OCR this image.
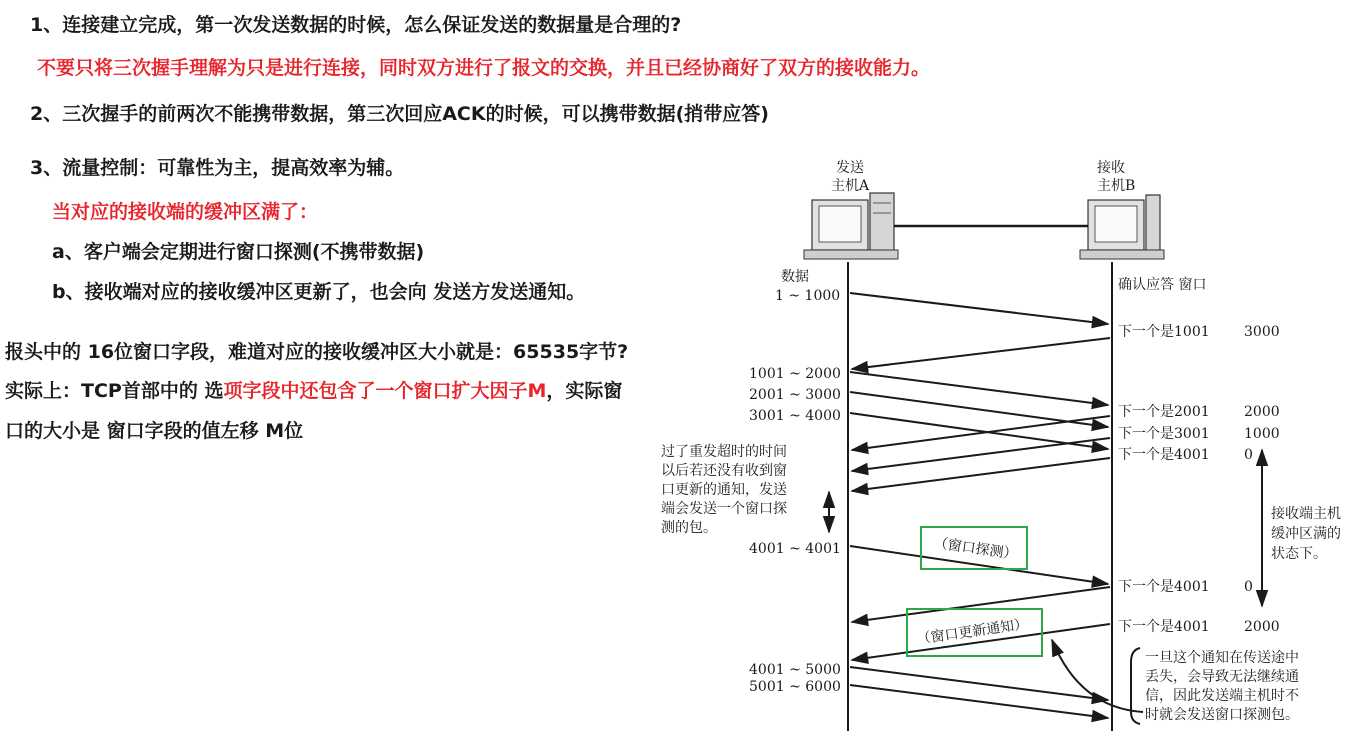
1、连接建立完成，第一次发送数据的时候，怎么保证发送的数据量是合理的?
不要只将三次握手理解为只是进行连接，同时双方进行了报文的交换，并且已经协商好了双方的接收能力。
2、三次握手的前两次不能携带数据，第三次回应ACK的时候，可以携带数据(捎带应答)
3、流量控制：可靠性为主，提高效率为辅。
当对应的接收端的缓冲区满了：
a、客户端会定期进行窗口探测(不携带数据)
b、接收端对应的接收缓冲区更新了，也会向 发送方发送通知。
报头中的 16位窗口字段，难道对应的接收缓冲区大小就是：65535字节?
实际上：TCP首部中的 选项字段中还包含了一个窗口扩大因子M，实际窗
口的大小是 窗口字段的值左移 M位
发送
主机A
接收
主机B
数据	确认应答 窗口
1 ~ 1000
1001 ~ 2000
2001 ~ 3000
3001 ~ 4000
4001 ~ 4001
4001 ~ 5000
5001 ~ 6000
下一个是1001 3000
下一个是2001 2000
下一个是3001 1000
下一个是4001 0
下一个是4001 0
下一个是4001 2000
（窗口探测）
（窗口更新通知）
过了重发超时的时间
以后若还没有收到窗
口更新的通知，发送
端会发送一个窗口探
测的包。
接收端主机
缓冲区满的
状态下。
一旦这个通知在传送途中
丢失，会导致无法继续通
信，因此发送端主机时不
时就会发送窗口探测包。
